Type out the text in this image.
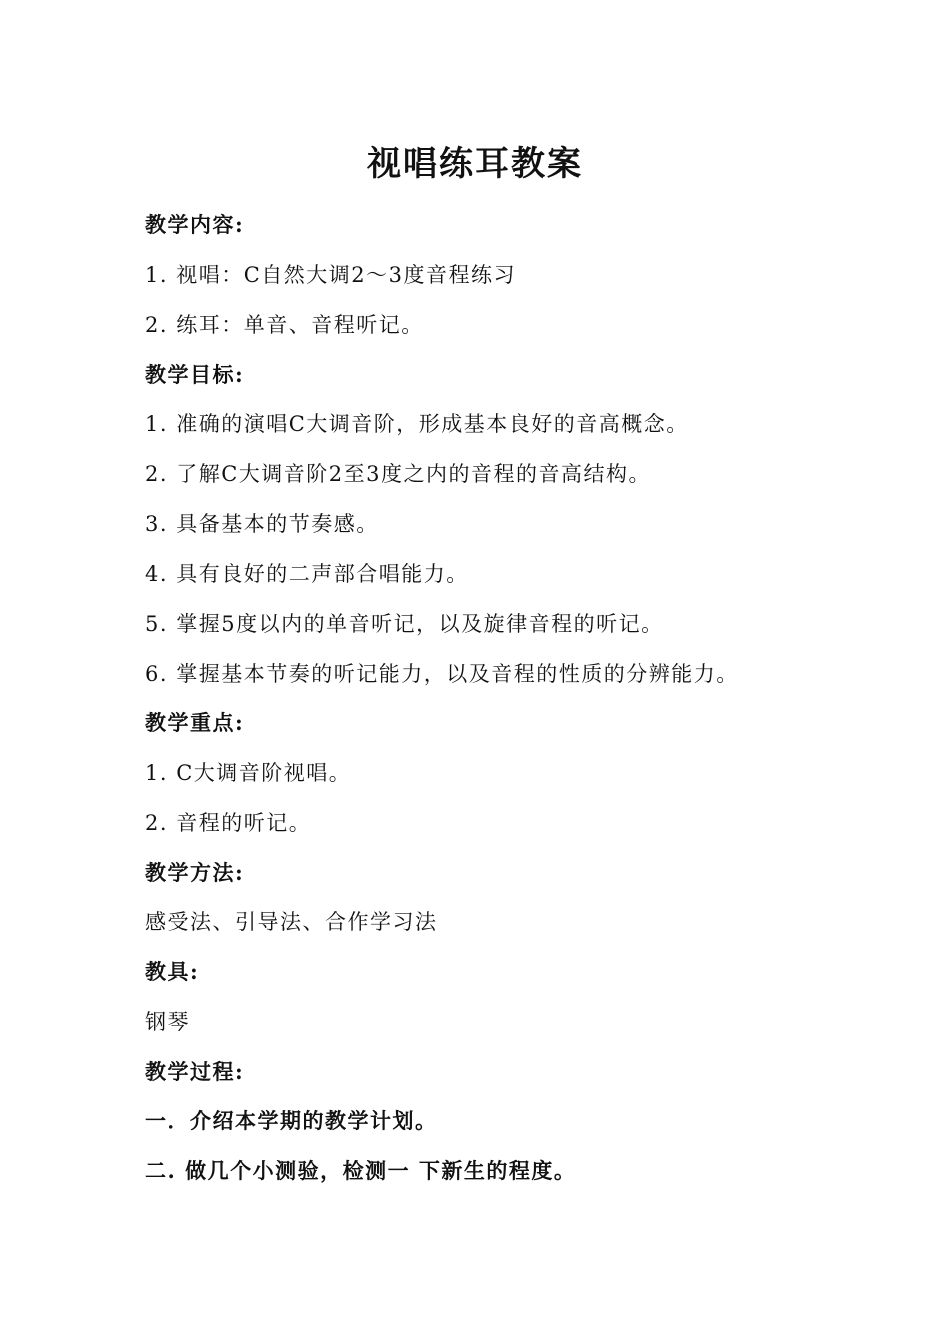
视唱练耳教案
教学内容:
1. 视唱：C自然大调2～3度音程练习
2. 练耳：单音、音程听记。
教学目标:
1. 准确的演唱C大调音阶，形成基本良好的音高概念。
2. 了解C大调音阶2至3度之内的音程的音高结构。
3. 具备基本的节奏感。
4. 具有良好的二声部合唱能力。
5. 掌握5度以内的单音听记，以及旋律音程的听记。
6. 掌握基本节奏的听记能力，以及音程的性质的分辨能力。
教学重点:
1. C大调音阶视唱。
2. 音程的听记。
教学方法:
感受法、引导法、合作学习法
教具:
钢琴
教学过程:
一．介绍本学期的教学计划。
二. 做几个小测验，检测一 下新生的程度。
